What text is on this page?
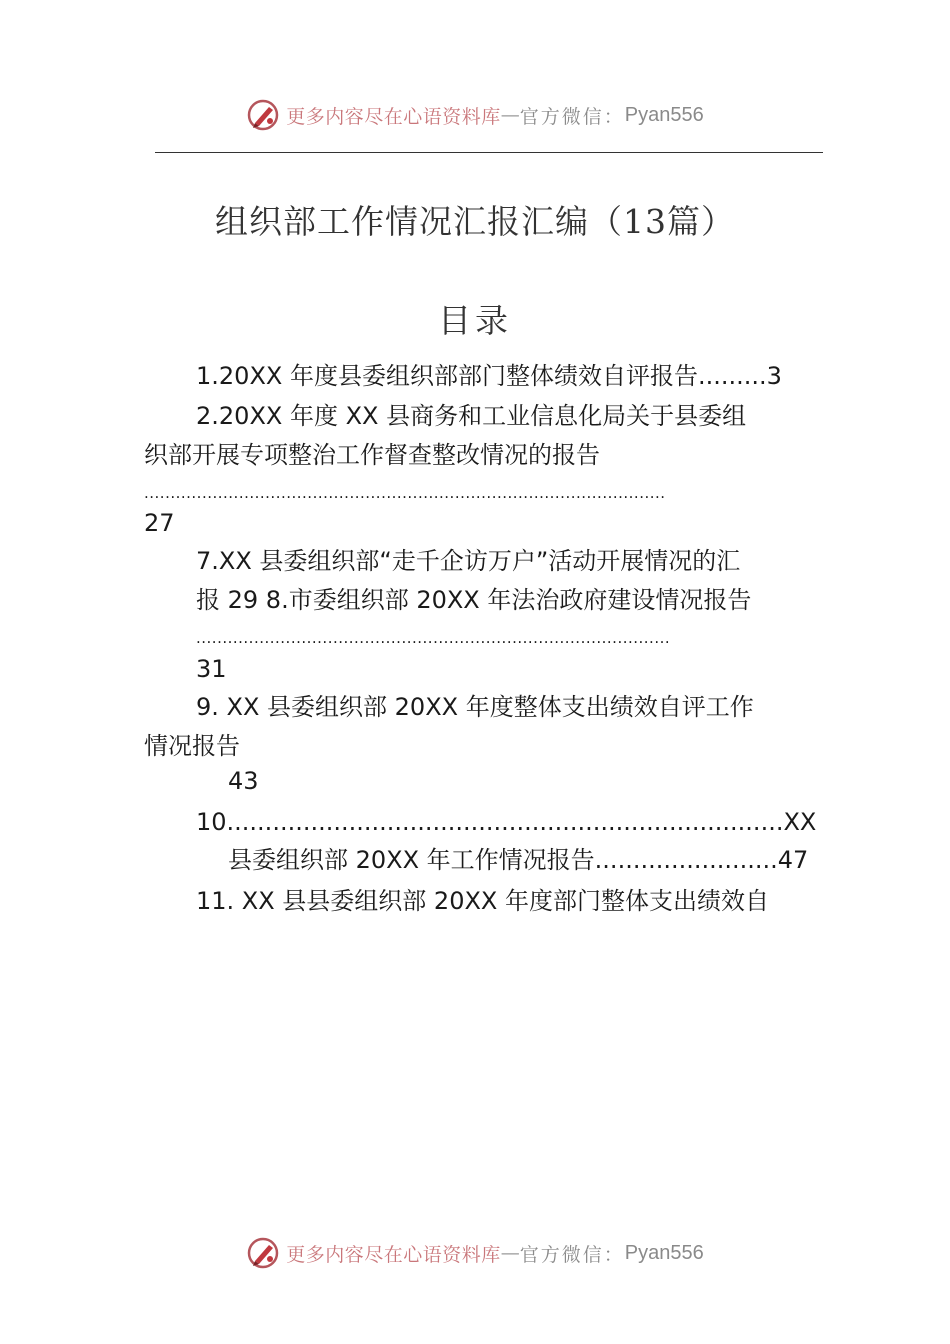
更多内容尽在心语资料库 — 官方微信： Pyan556
组织部工作情况汇报汇编（13篇）
目录
1.20XX 年度县委组织部部门整体绩效自评报告.........3
2.20XX 年度 XX 县商务和工业信息化局关于县委组
织部开展专项整治工作督查整改情况的报告
...................................................................................................
27
7.XX 县委组织部“走千企访万户”活动开展情况的汇
报 29 8.市委组织部 20XX 年法治政府建设情况报告
..........................................................................................
31
9. XX 县委组织部 20XX 年度整体支出绩效自评工作
情况报告
43
10.........................................................................XX
县委组织部 20XX 年工作情况报告........................47
11. XX 县县委组织部 20XX 年度部门整体支出绩效自
更多内容尽在心语资料库 — 官方微信： Pyan556
